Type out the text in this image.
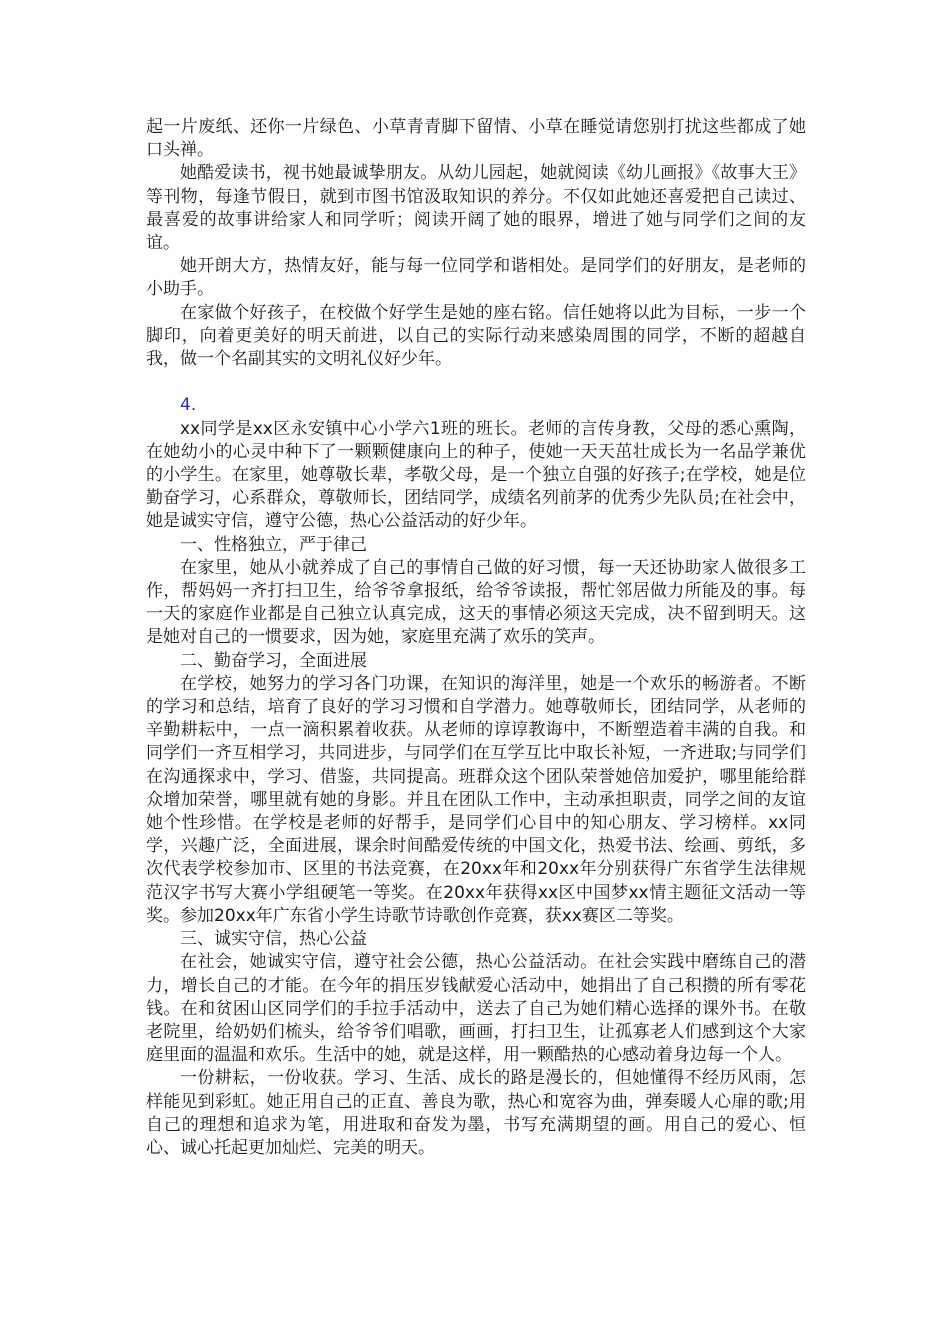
起一片废纸、还你一片绿色、小草青青脚下留情、小草在睡觉请您别打扰这些都成了她口头禅。

她酷爱读书，视书她最诚挚朋友。从幼儿园起，她就阅读《幼儿画报》《故事大王》等刊物，每逢节假日，就到市图书馆汲取知识的养分。不仅如此她还喜爱把自己读过、最喜爱的故事讲给家人和同学听；阅读开阔了她的眼界，增进了她与同学们之间的友谊。

她开朗大方，热情友好，能与每一位同学和谐相处。是同学们的好朋友，是老师的小助手。

在家做个好孩子，在校做个好学生是她的座右铭。信任她将以此为目标，一步一个脚印，向着更美好的明天前进，以自己的实际行动来感染周围的同学，不断的超越自我，做一个名副其实的文明礼仪好少年。

4.

xx同学是xx区永安镇中心小学六1班的班长。老师的言传身教，父母的悉心熏陶，在她幼小的心灵中种下了一颗颗健康向上的种子，使她一天天茁壮成长为一名品学兼优的小学生。在家里，她尊敬长辈，孝敬父母，是一个独立自强的好孩子;在学校，她是位勤奋学习，心系群众，尊敬师长，团结同学，成绩名列前茅的优秀少先队员;在社会中，她是诚实守信，遵守公德，热心公益活动的好少年。

一、性格独立，严于律己

在家里，她从小就养成了自己的事情自己做的好习惯，每一天还协助家人做很多工作，帮妈妈一齐打扫卫生，给爷爷拿报纸，给爷爷读报，帮忙邻居做力所能及的事。每一天的家庭作业都是自己独立认真完成，这天的事情必须这天完成，决不留到明天。这是她对自己的一惯要求，因为她，家庭里充满了欢乐的笑声。

二、勤奋学习，全面进展

在学校，她努力的学习各门功课，在知识的海洋里，她是一个欢乐的畅游者。不断的学习和总结，培育了良好的学习习惯和自学潜力。她尊敬师长，团结同学，从老师的辛勤耕耘中，一点一滴积累着收获。从老师的谆谆教诲中，不断塑造着丰满的自我。和同学们一齐互相学习，共同进步，与同学们在互学互比中取长补短，一齐进取;与同学们在沟通探求中，学习、借鉴，共同提高。班群众这个团队荣誉她倍加爱护，哪里能给群众增加荣誉，哪里就有她的身影。并且在团队工作中，主动承担职责，同学之间的友谊她个性珍惜。在学校是老师的好帮手，是同学们心目中的知心朋友、学习榜样。xx同学，兴趣广泛，全面进展，课余时间酷爱传统的中国文化，热爱书法、绘画、剪纸，多次代表学校参加市、区里的书法竞赛，在20xx年和20xx年分别获得广东省学生法律规范汉字书写大赛小学组硬笔一等奖。在20xx年获得xx区中国梦xx情主题征文活动一等奖。参加20xx年广东省小学生诗歌节诗歌创作竞赛，获xx赛区二等奖。

三、诚实守信，热心公益

在社会，她诚实守信，遵守社会公德，热心公益活动。在社会实践中磨练自己的潜力，增长自己的才能。在今年的捐压岁钱献爱心活动中，她捐出了自己积攒的所有零花钱。在和贫困山区同学们的手拉手活动中，送去了自己为她们精心选择的课外书。在敬老院里，给奶奶们梳头，给爷爷们唱歌，画画，打扫卫生，让孤寡老人们感到这个大家庭里面的温温和欢乐。生活中的她，就是这样，用一颗酷热的心感动着身边每一个人。

一份耕耘，一份收获。学习、生活、成长的路是漫长的，但她懂得不经历风雨，怎样能见到彩虹。她正用自己的正直、善良为歌，热心和宽容为曲，弹奏暖人心扉的歌;用自己的理想和追求为笔，用进取和奋发为墨，书写充满期望的画。用自己的爱心、恒心、诚心托起更加灿烂、完美的明天。
